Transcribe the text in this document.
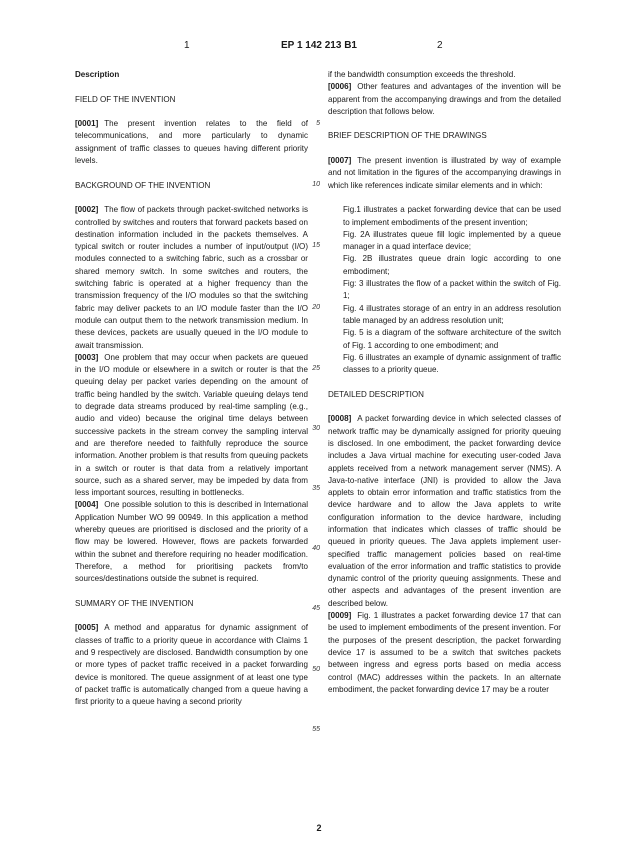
1	EP 1 142 213 B1	2

Description

FIELD OF THE INVENTION

[0001] The present invention relates to the field of telecommunications, and more particularly to dynamic assignment of traffic classes to queues having different priority levels.

BACKGROUND OF THE INVENTION

[0002] The flow of packets through packet-switched networks is controlled by switches and routers that forward packets based on destination information included in the packets themselves. A typical switch or router includes a number of input/output (I/O) modules connected to a switching fabric, such as a crossbar or shared memory switch. In some switches and routers, the switching fabric is operated at a higher frequency than the transmission frequency of the I/O modules so that the switching fabric may deliver packets to an I/O module faster than the I/O module can output them to the network transmission medium. In these devices, packets are usually queued in the I/O module to await transmission.

[0003] One problem that may occur when packets are queued in the I/O module or elsewhere in a switch or router is that the queuing delay per packet varies depending on the amount of traffic being handled by the switch. Variable queuing delays tend to degrade data streams produced by real-time sampling (e.g., audio and video) because the original time delays between successive packets in the stream convey the sampling interval and are therefore needed to faithfully reproduce the source information. Another problem is that results from queuing packets in a switch or router is that data from a relatively important source, such as a shared server, may be impeded by data from less important sources, resulting in bottlenecks.

[0004] One possible solution to this is described in International Application Number WO 99 00949. In this application a method whereby queues are prioritised is disclosed and the priority of a flow may be lowered. However, flows are packets forwarded within the subnet and therefore requiring no header modification. Therefore, a method for prioritising packets from/to sources/destinations outside the subnet is required.

SUMMARY OF THE INVENTION

[0005] A method and apparatus for dynamic assignment of classes of traffic to a priority queue in accordance with Claims 1 and 9 respectively are disclosed. Bandwidth consumption by one or more types of packet traffic received in a packet forwarding device is monitored. The queue assignment of at least one type of packet traffic is automatically changed from a queue having a first priority to a queue having a second priority

5
10
15
20
25
30
35
40
45
50
55

if the bandwidth consumption exceeds the threshold.

[0006] Other features and advantages of the invention will be apparent from the accompanying drawings and from the detailed description that follows below.

BRIEF DESCRIPTION OF THE DRAWINGS

[0007] The present invention is illustrated by way of example and not limitation in the figures of the accompanying drawings in which like references indicate similar elements and in which:

Fig.1 illustrates a packet forwarding device that can be used to implement embodiments of the present invention;

Fig. 2A illustrates queue fill logic implemented by a queue manager in a quad interface device;

Fig. 2B illustrates queue drain logic according to one embodiment;

Fig: 3 illustrates the flow of a packet within the switch of Fig. 1;

Fig. 4 illustrates storage of an entry in an address resolution table managed by an address resolution unit;

Fig. 5 is a diagram of the software architecture of the switch of Fig. 1 according to one embodiment; and

Fig. 6 illustrates an example of dynamic assignment of traffic classes to a priority queue.

DETAILED DESCRIPTION

[0008] A packet forwarding device in which selected classes of network traffic may be dynamically assigned for priority queuing is disclosed. In one embodiment, the packet forwarding device includes a Java virtual machine for executing user-coded Java applets received from a network management server (NMS). A Java-to-native interface (JNI) is provided to allow the Java applets to obtain error information and traffic statistics from the device hardware and to allow the Java applets to write configuration information to the device hardware, including information that indicates which classes of traffic should be queued in priority queues. The Java applets implement user-specified traffic management policies based on real-time evaluation of the error information and traffic statistics to provide dynamic control of the priority queuing assignments. These and other aspects and advantages of the present invention are described below.

[0009] Fig. 1 illustrates a packet forwarding device 17 that can be used to implement embodiments of the present invention. For the purposes of the present description, the packet forwarding device 17 is assumed to be a switch that switches packets between ingress and egress ports based on media access control (MAC) addresses within the packets. In an alternate embodiment, the packet forwarding device 17 may be a router

2
